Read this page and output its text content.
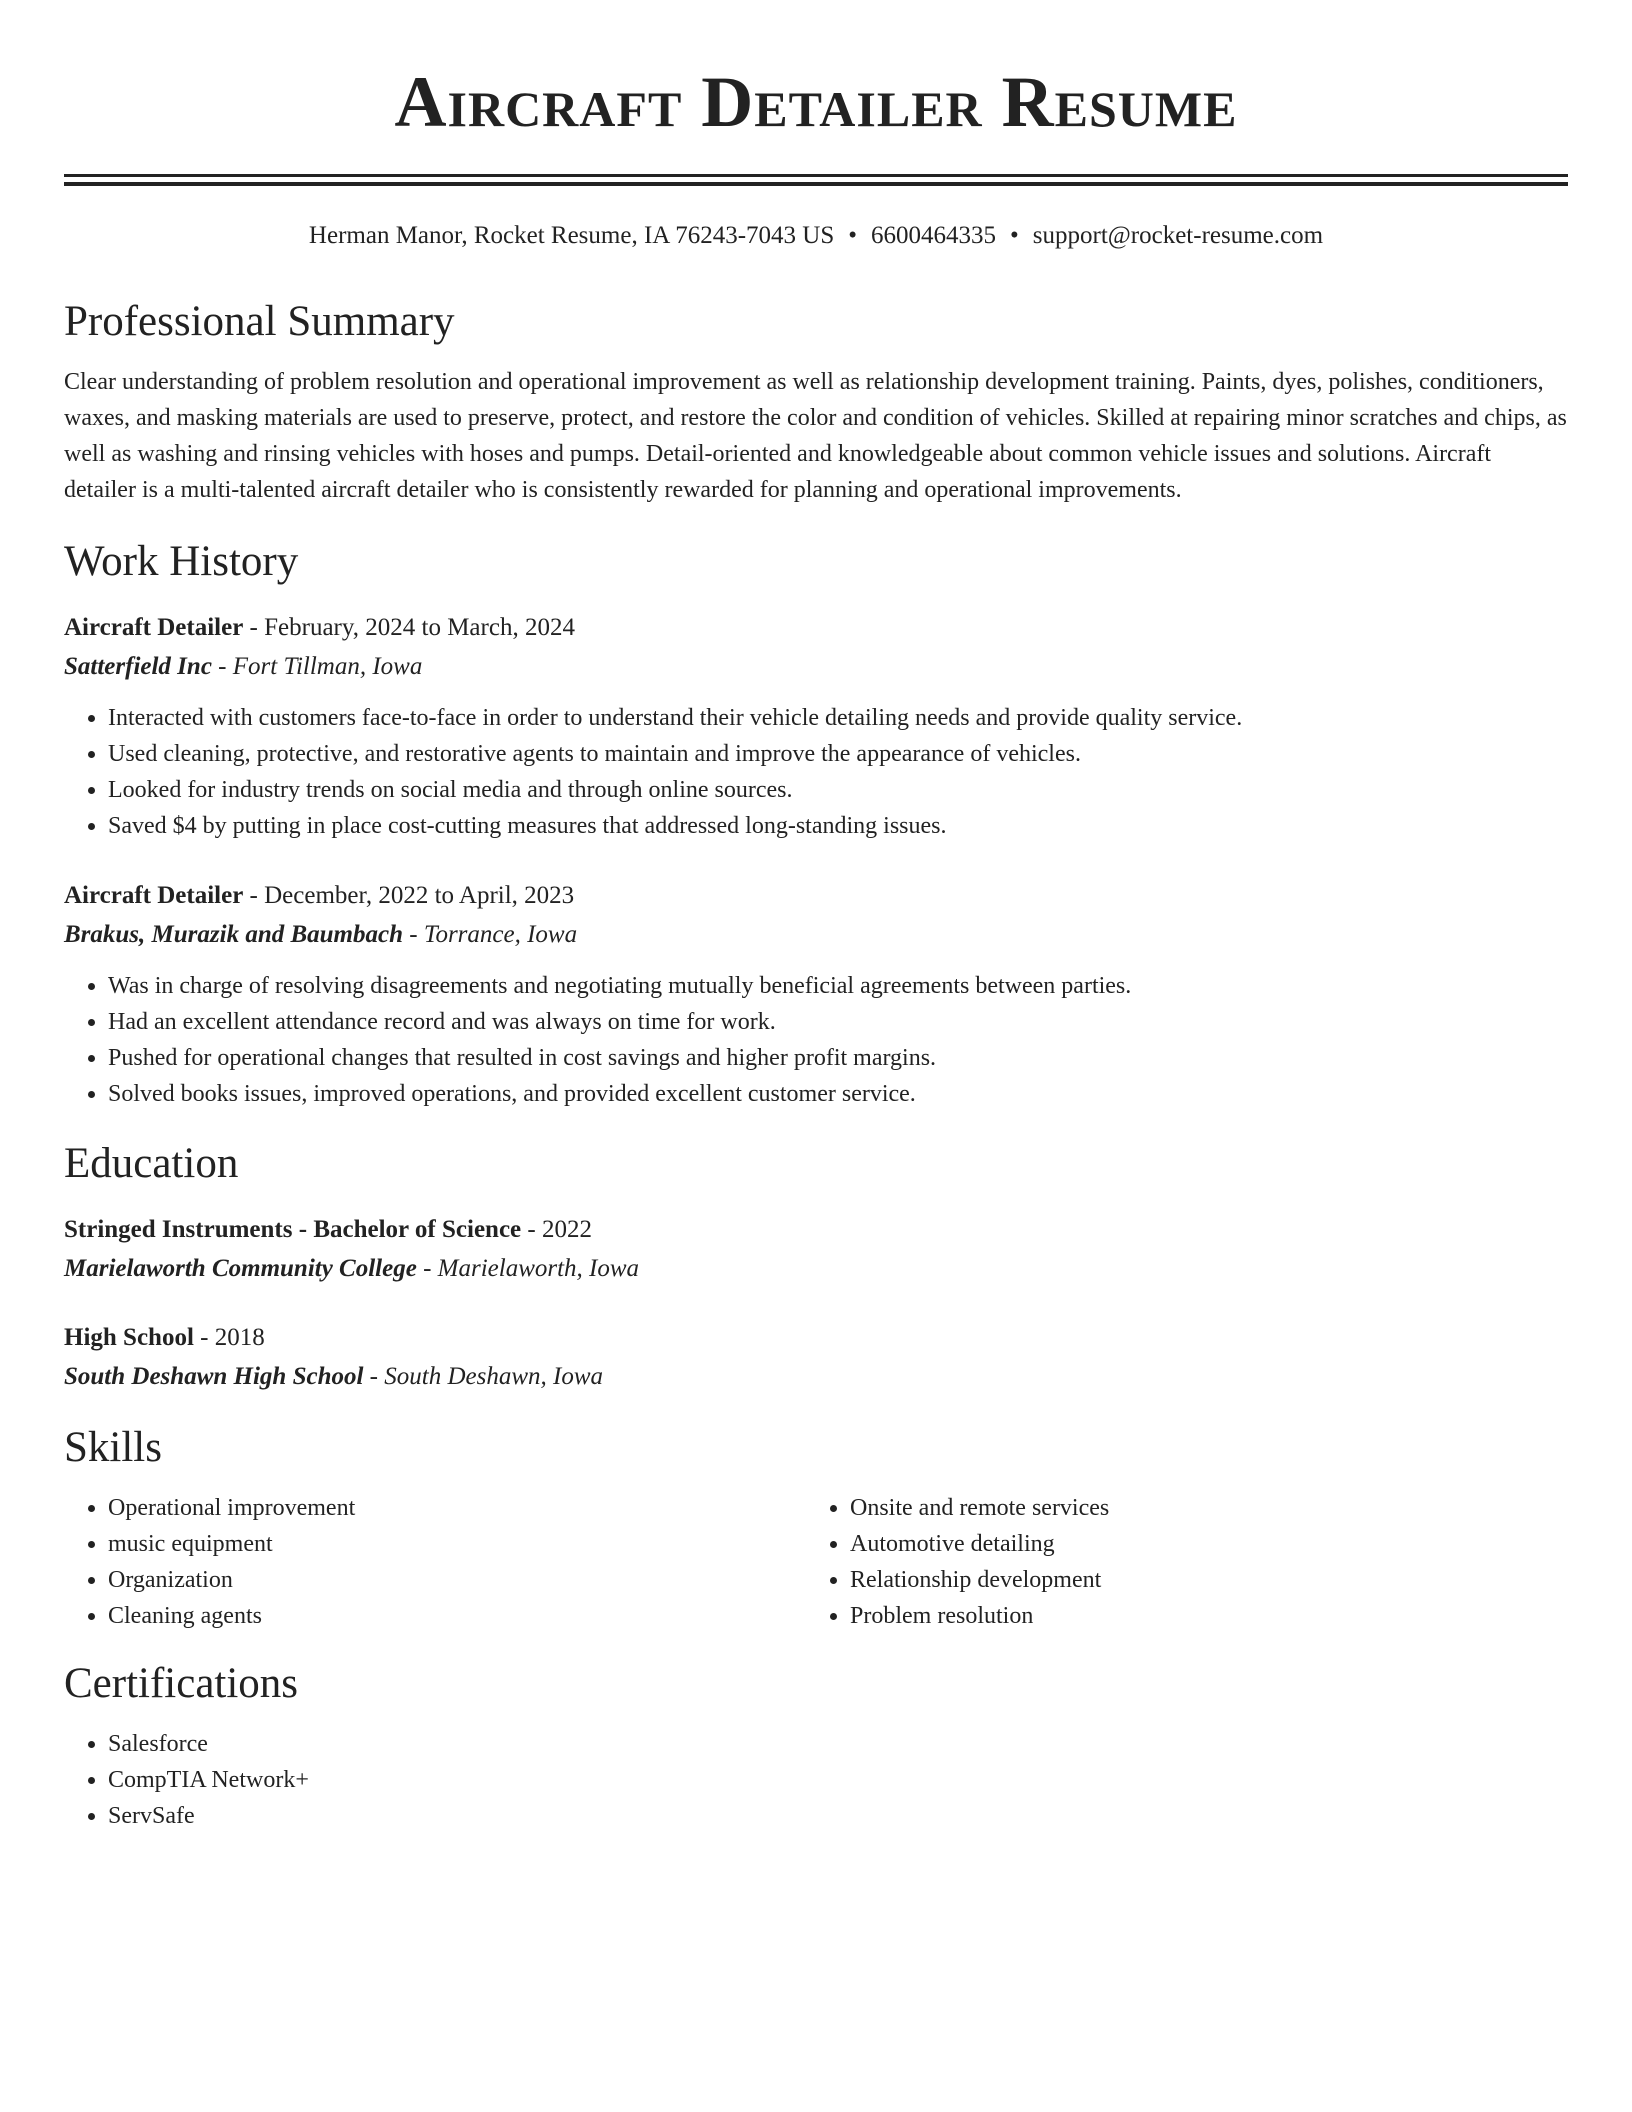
Aircraft Detailer Resume
Herman Manor, Rocket Resume, IA 76243-7043 US • 6600464335 • support@rocket-resume.com
Professional Summary

Clear understanding of problem resolution and operational improvement as well as relationship development training. Paints, dyes, polishes, conditioners, waxes, and masking materials are used to preserve, protect, and restore the color and condition of vehicles. Skilled at repairing minor scratches and chips, as well as washing and rinsing vehicles with hoses and pumps. Detail-oriented and knowledgeable about common vehicle issues and solutions. Aircraft detailer is a multi-talented aircraft detailer who is consistently rewarded for planning and operational improvements.

Work History
Aircraft Detailer - February, 2024 to March, 2024
Satterfield Inc - Fort Tillman, Iowa
• Interacted with customers face-to-face in order to understand their vehicle detailing needs and provide quality service.
• Used cleaning, protective, and restorative agents to maintain and improve the appearance of vehicles.
• Looked for industry trends on social media and through online sources.
• Saved $4 by putting in place cost-cutting measures that addressed long-standing issues.
Aircraft Detailer - December, 2022 to April, 2023
Brakus, Murazik and Baumbach - Torrance, Iowa
• Was in charge of resolving disagreements and negotiating mutually beneficial agreements between parties.
• Had an excellent attendance record and was always on time for work.
• Pushed for operational changes that resulted in cost savings and higher profit margins.
• Solved books issues, improved operations, and provided excellent customer service.
Education
Stringed Instruments - Bachelor of Science - 2022
Marielaworth Community College - Marielaworth, Iowa
High School - 2018
South Deshawn High School - South Deshawn, Iowa
Skills
• Operational improvement
• music equipment
• Organization
• Cleaning agents
• Onsite and remote services
• Automotive detailing
• Relationship development
• Problem resolution
Certifications
• Salesforce
• CompTIA Network+
• ServSafe
